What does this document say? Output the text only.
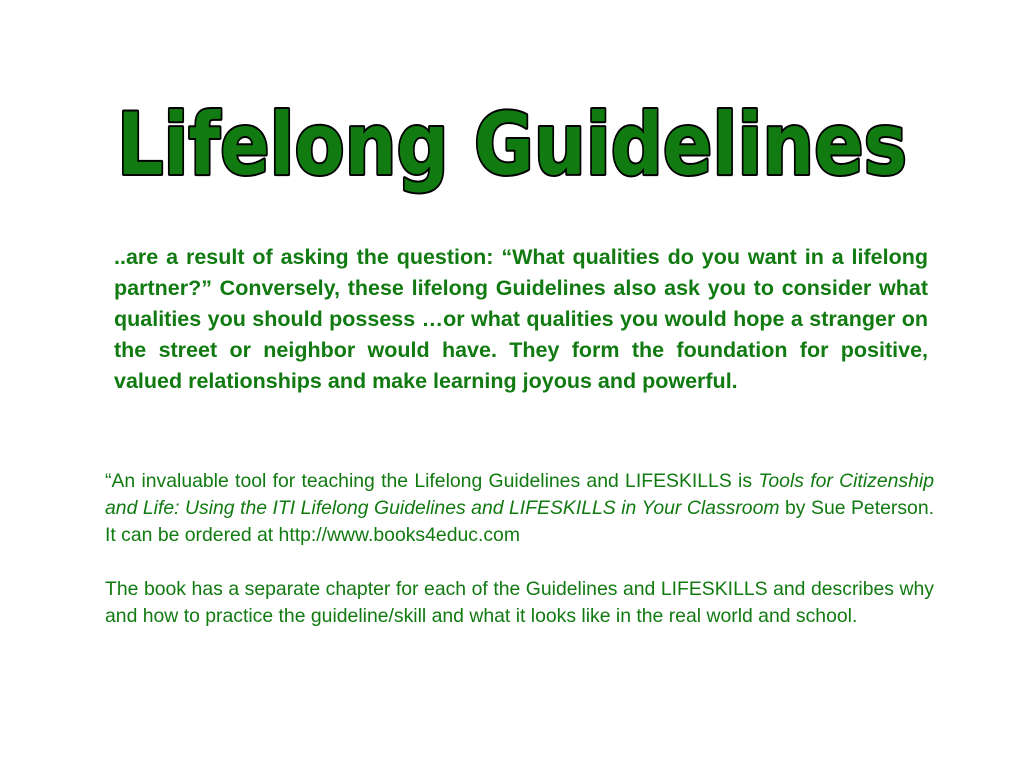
Lifelong Guidelines

..are a result of asking the question: “What qualities do you want in a lifelong partner?” Conversely, these lifelong Guidelines also ask you to consider what qualities you should possess …or what qualities you would hope a stranger on the street or neighbor would have. They form the foundation for positive, valued relationships and make learning joyous and powerful.

“An invaluable tool for teaching the Lifelong Guidelines and LIFESKILLS is Tools for Citizenship and Life: Using the ITI Lifelong Guidelines and LIFESKILLS in Your Classroom by Sue Peterson. It can be ordered at http://www.books4educ.com

The book has a separate chapter for each of the Guidelines and LIFESKILLS and describes why and how to practice the guideline/skill and what it looks like in the real world and school.
